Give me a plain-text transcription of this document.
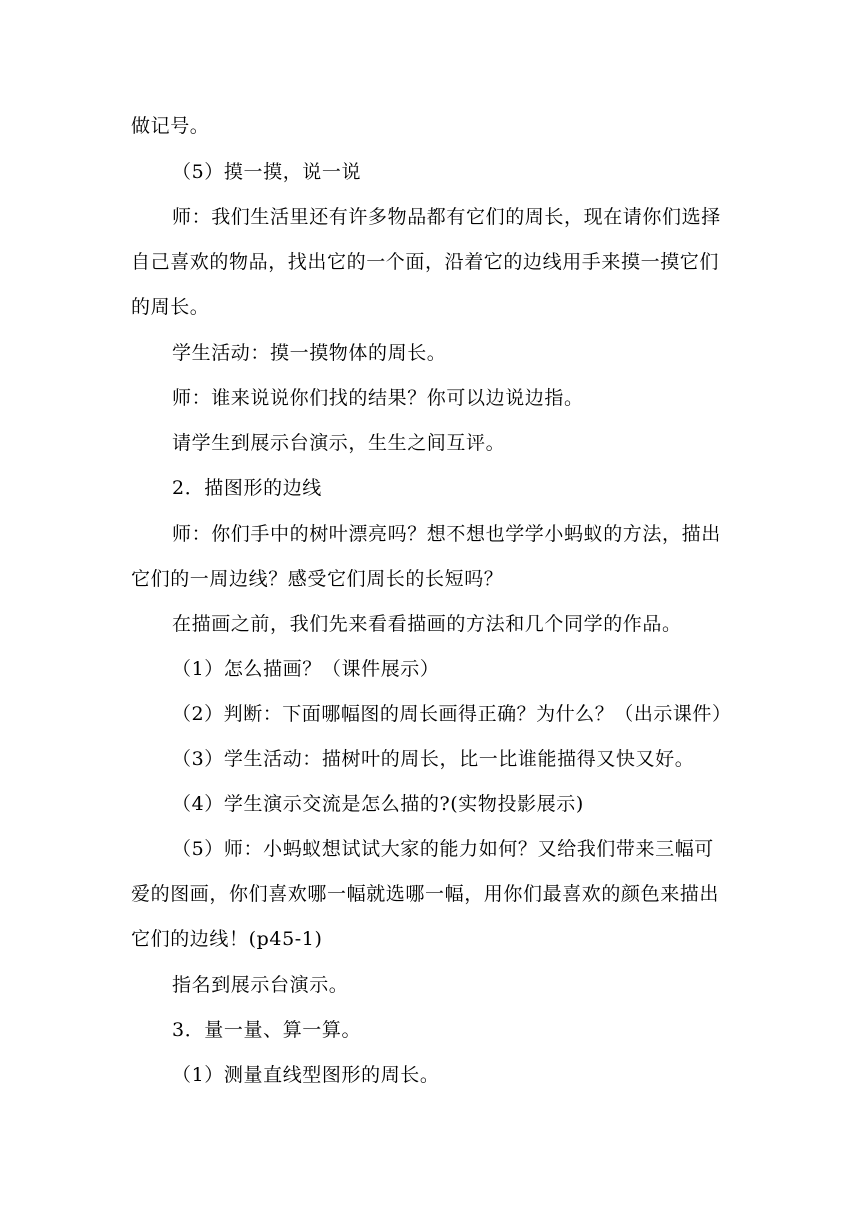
做记号。
（5）摸一摸，说一说
师：我们生活里还有许多物品都有它们的周长，现在请你们选择
自己喜欢的物品，找出它的一个面，沿着它的边线用手来摸一摸它们
的周长。
学生活动：摸一摸物体的周长。
师：谁来说说你们找的结果？你可以边说边指。
请学生到展示台演示，生生之间互评。
2．描图形的边线
师：你们手中的树叶漂亮吗？想不想也学学小蚂蚁的方法，描出
它们的一周边线？感受它们周长的长短吗？
在描画之前，我们先来看看描画的方法和几个同学的作品。
（1）怎么描画？（课件展示）
（2）判断：下面哪幅图的周长画得正确？为什么？（出示课件）
（3）学生活动：描树叶的周长，比一比谁能描得又快又好。
（4）学生演示交流是怎么描的?(实物投影展示)
（5）师：小蚂蚁想试试大家的能力如何？又给我们带来三幅可
爱的图画，你们喜欢哪一幅就选哪一幅，用你们最喜欢的颜色来描出
它们的边线！(p45-1)
指名到展示台演示。
3．量一量、算一算。
（1）测量直线型图形的周长。
